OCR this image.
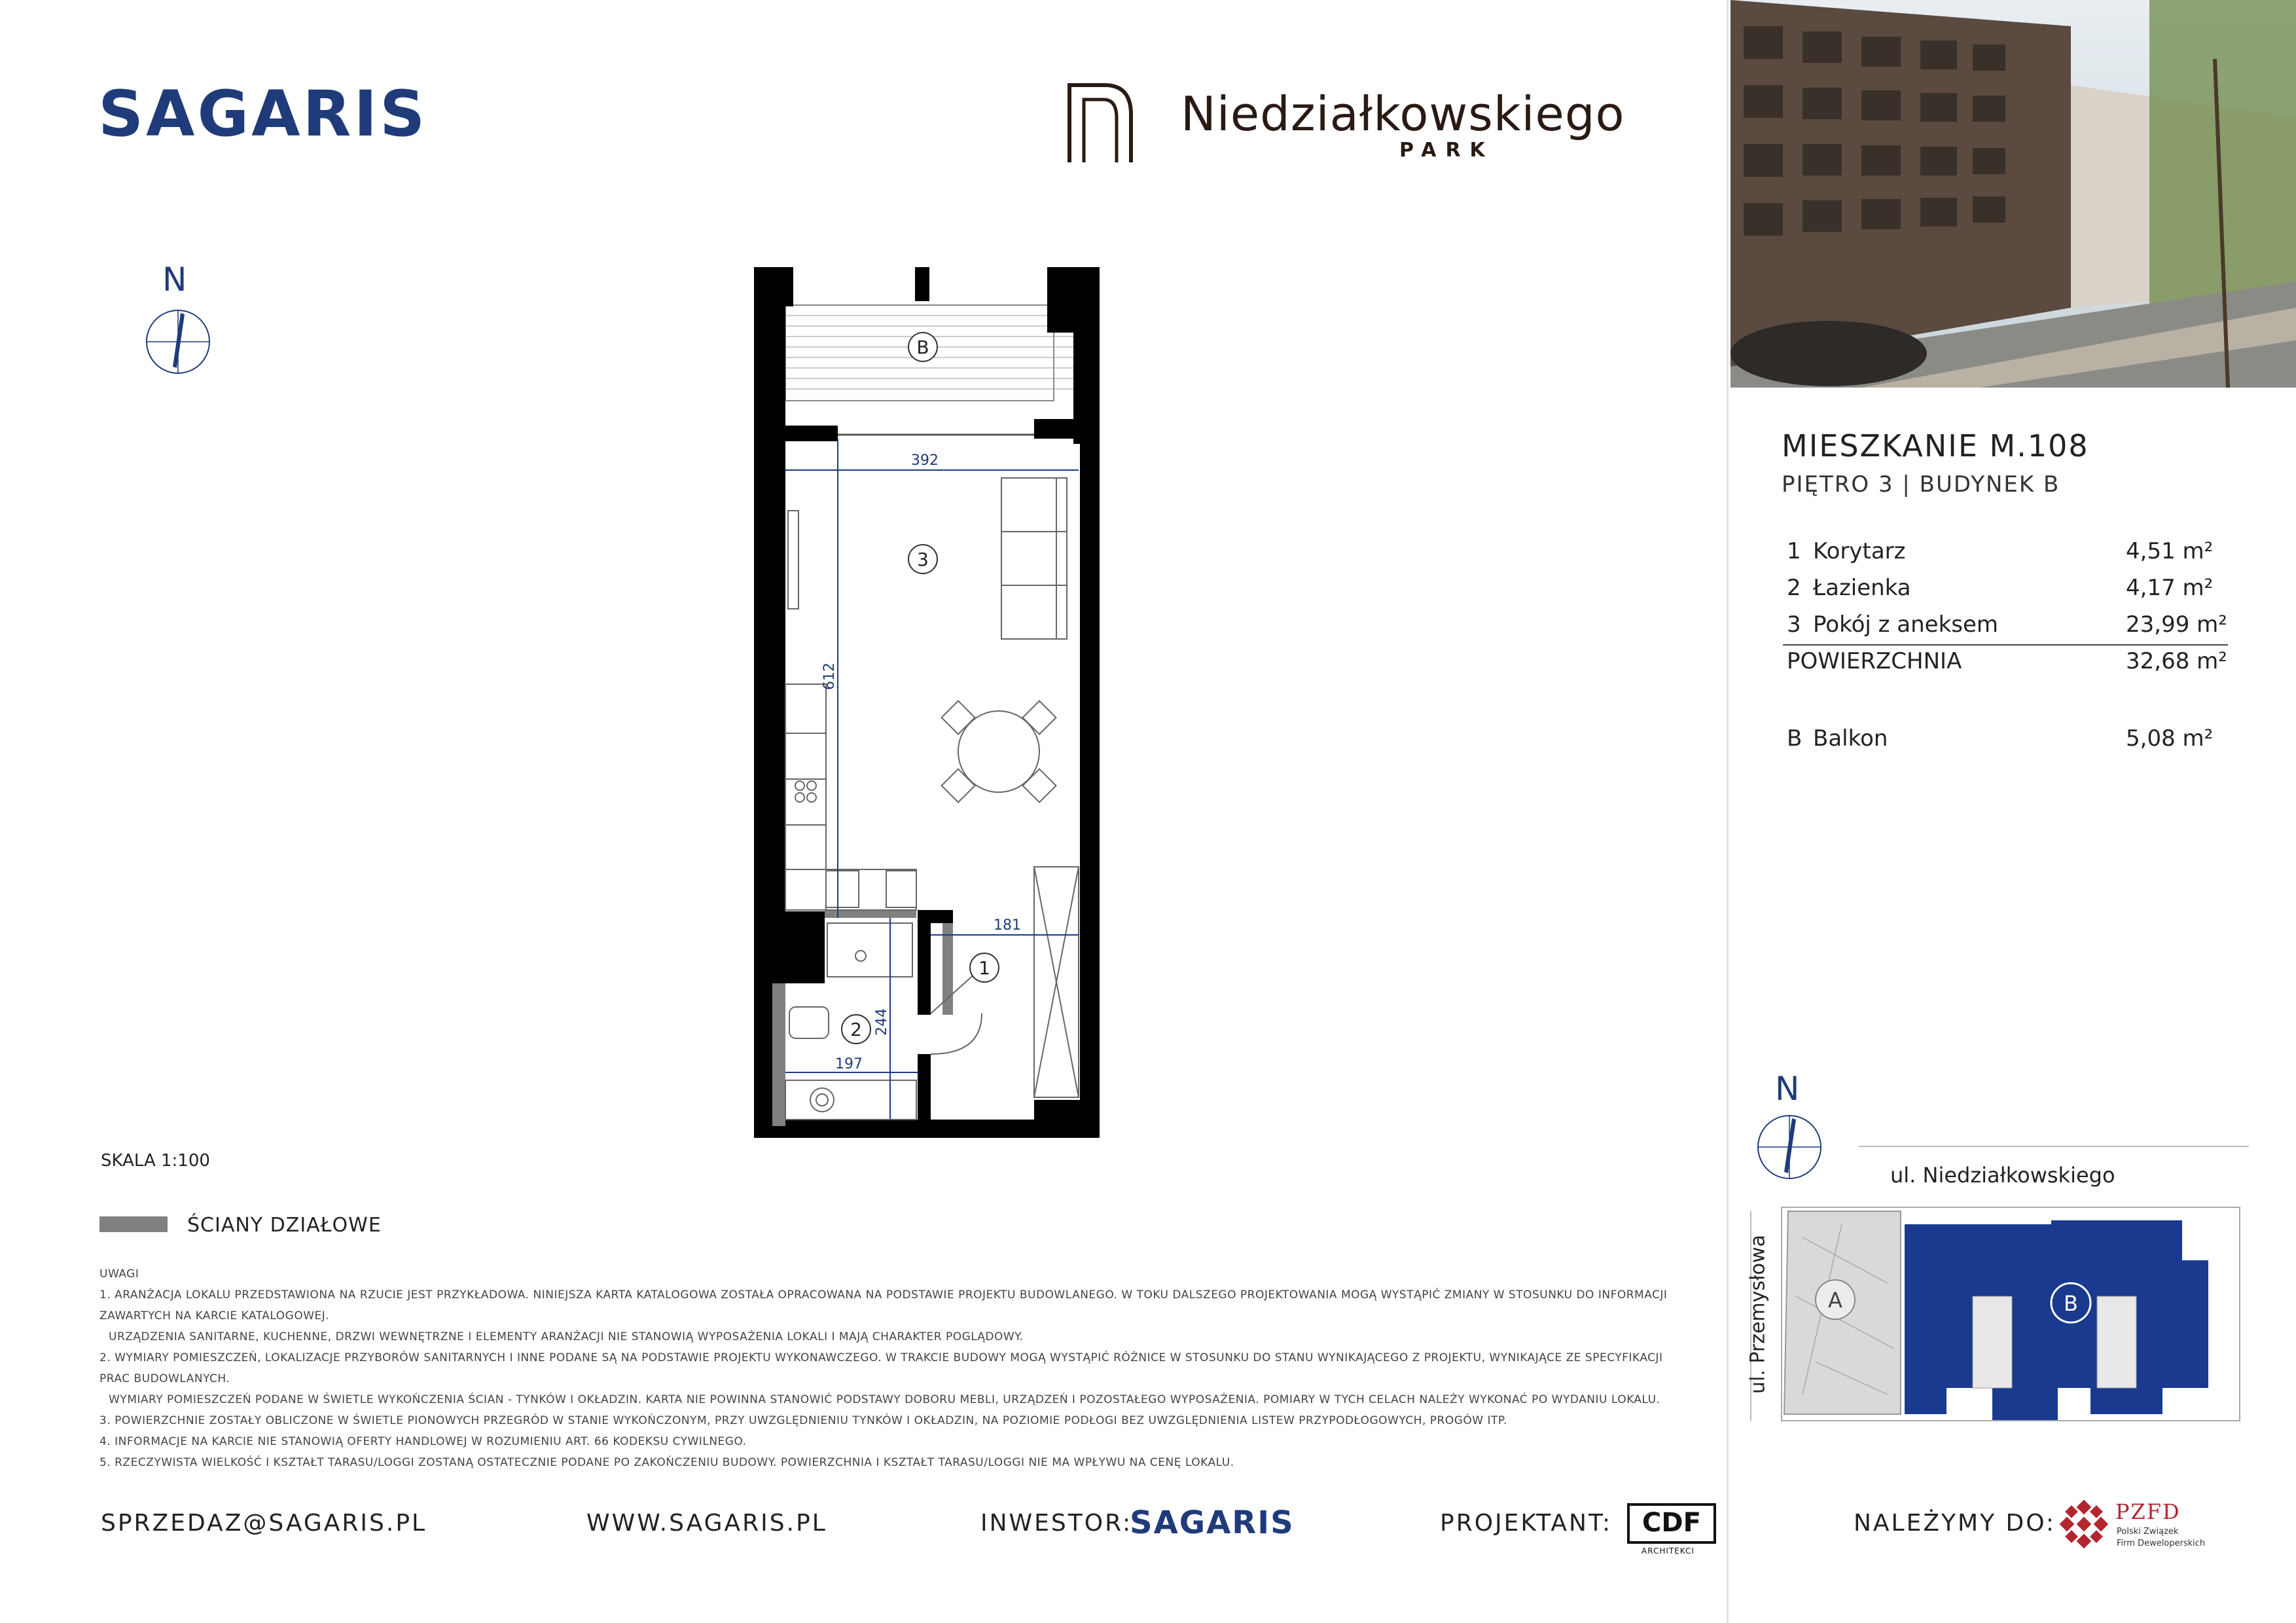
SAGARIS	Niedziałkowskiego
PARK
N
392
612
181
244
197
B
3
1
2
SKALA 1:100
ŚCIANY DZIAŁOWE
UWAGI
1. ARANŻACJA LOKALU PRZEDSTAWIONA NA RZUCIE JEST PRZYKŁADOWA. NINIEJSZA KARTA KATALOGOWA ZOSTAŁA OPRACOWANA NA PODSTAWIE PROJEKTU BUDOWLANEGO. W TOKU DALSZEGO PROJEKTOWANIA MOGĄ WYSTĄPIĆ ZMIANY W STOSUNKU DO INFORMACJI ZAWARTYCH NA KARCIE KATALOGOWEJ.
URZĄDZENIA SANITARNE, KUCHENNE, DRZWI WEWNĘTRZNE I ELEMENTY ARANŻACJI NIE STANOWIĄ WYPOSAŻENIA LOKALI I MAJĄ CHARAKTER POGLĄDOWY.
2. WYMIARY POMIESZCZEŃ, LOKALIZACJE PRZYBORÓW SANITARNYCH I INNE PODANE SĄ NA PODSTAWIE PROJEKTU WYKONAWCZEGO. W TRAKCIE BUDOWY MOGĄ WYSTĄPIĆ RÓŻNICE W STOSUNKU DO STANU WYNIKAJĄCEGO Z PROJEKTU, WYNIKAJĄCE ZE SPECYFIKACJI PRAC BUDOWLANYCH.
WYMIARY POMIESZCZEŃ PODANE W ŚWIETLE WYKOŃCZENIA ŚCIAN - TYNKÓW I OKŁADZIN. KARTA NIE POWINNA STANOWIĆ PODSTAWY DOBORU MEBLI, URZĄDZEŃ I POZOSTAŁEGO WYPOSAŻENIA. POMIARY W TYCH CELACH NALEŻY WYKONAĆ PO WYDANIU LOKALU.
3. POWIERZCHNIE ZOSTAŁY OBLICZONE W ŚWIETLE PIONOWYCH PRZEGRÓD W STANIE WYKOŃCZONYM, PRZY UWZGLĘDNIENIU TYNKÓW I OKŁADZIN, NA POZIOMIE PODŁOGI BEZ UWZGLĘDNIENIA LISTEW PRZYPODŁOGOWYCH, PROGÓW ITP.
4. INFORMACJE NA KARCIE NIE STANOWIĄ OFERTY HANDLOWEJ W ROZUMIENIU ART. 66 KODEKSU CYWILNEGO.
5. RZECZYWISTA WIELKOŚĆ I KSZTAŁT TARASU/LOGGI ZOSTANĄ OSTATECZNIE PODANE PO ZAKOŃCZENIU BUDOWY. POWIERZCHNIA I KSZTAŁT TARASU/LOGGI NIE MA WPŁYWU NA CENĘ LOKALU.
MIESZKANIE M.108
PIĘTRO 3 | BUDYNEK B
1 Korytarz	4,51 m²
2 Łazienka	4,17 m²
3 Pokój z aneksem	23,99 m²
POWIERZCHNIA	32,68 m²
B Balkon	5,08 m²
N
ul. Niedziałkowskiego
ul. Przemysłowa	A	B
SPRZEDAZ@SAGARIS.PL	WWW.SAGARIS.PL	INWESTOR:
SAGARIS	PROJEKTANT:	CDF
ARCHITEKCI
NALEŻYMY DO:	PZFD
Polski Związek
Firm Deweloperskich
